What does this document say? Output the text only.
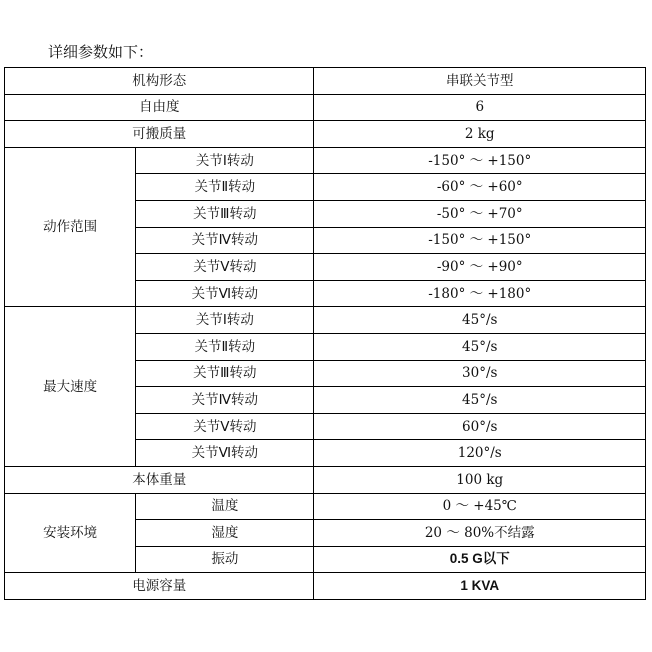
详细参数如下：
机构形态		串联关节型
自由度		6
可搬质量		2 kg
动作范围	关节Ⅰ转动	-150° ～ +150°
	关节Ⅱ转动	-60° ～ +60°
	关节Ⅲ转动	-50° ～ +70°
	关节Ⅳ转动	-150° ～ +150°
	关节Ⅴ转动	-90° ～ +90°
	关节Ⅵ转动	-180° ～ +180°
最大速度	关节Ⅰ转动	45°/s
	关节Ⅱ转动	45°/s
	关节Ⅲ转动	30°/s
	关节Ⅳ转动	45°/s
	关节Ⅴ转动	60°/s
	关节Ⅵ转动	120°/s
本体重量		100 kg
安装环境	温度	0 ～ +45℃
	湿度	20 ～ 80%不结露
	振动	0.5 G以下
电源容量		1 KVA
